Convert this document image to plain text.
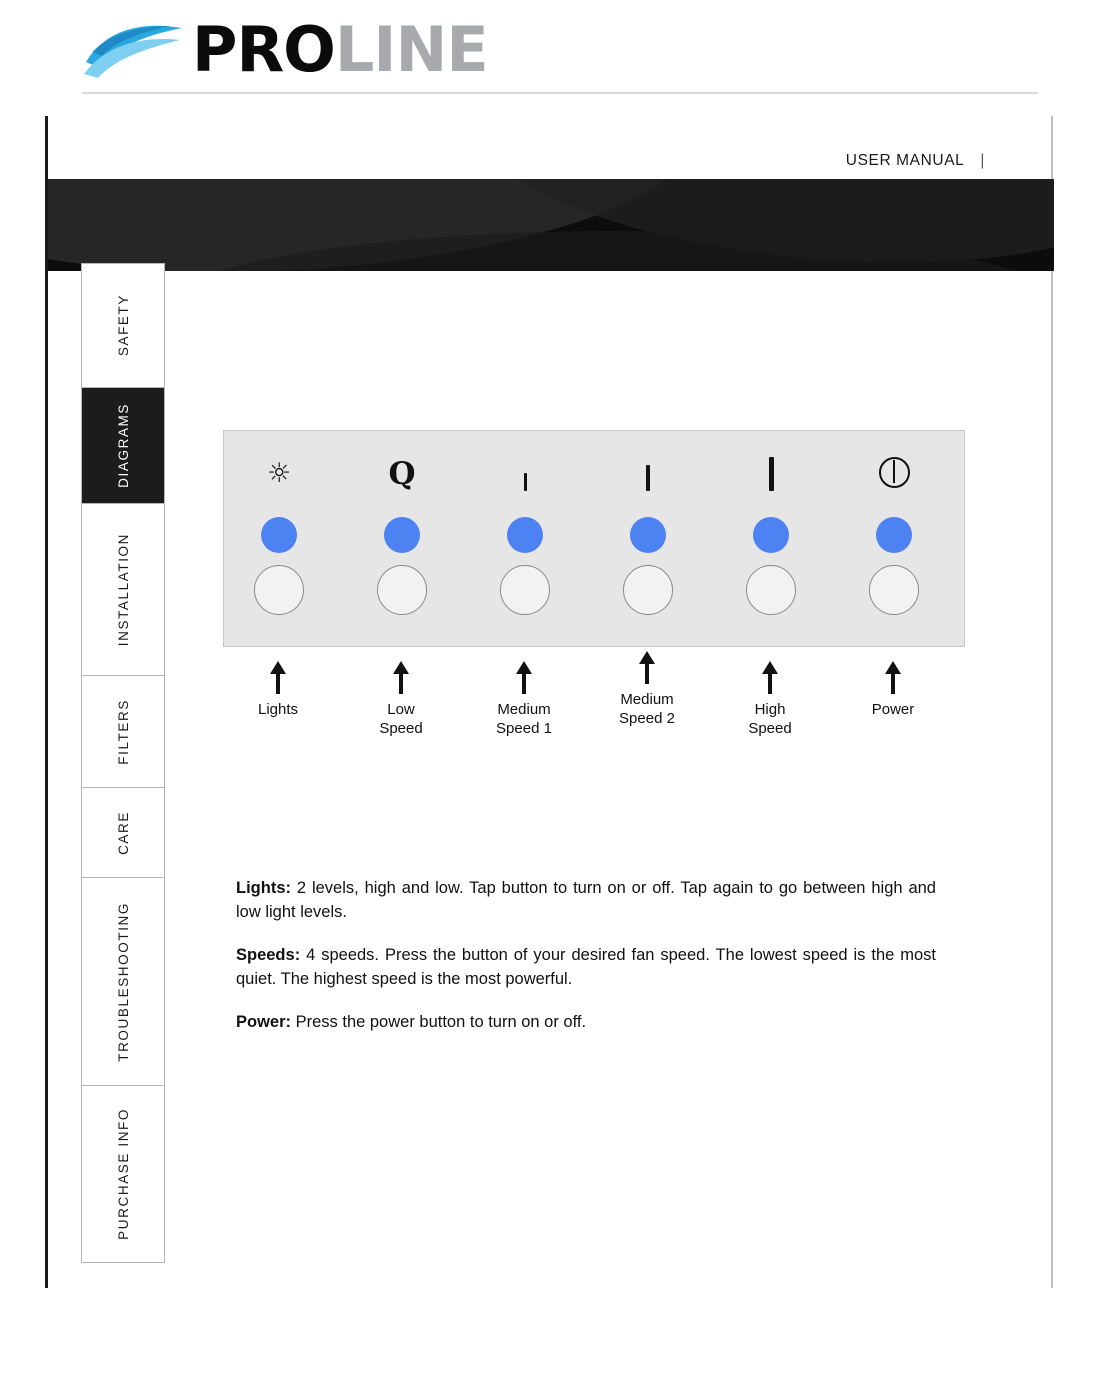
PROLINE
USER MANUAL |
Control Panel
SAFETY
DIAGRAMS
INSTALLATION
FILTERS
CARE
TROUBLESHOOTING
PURCHASE INFO
☼	Q
Lights	Low
Speed
Medium
Speed 1
Medium
Speed 2
High
Speed
Power
Lights: 2 levels, high and low. Tap button to turn on or off. Tap again to go between high and low light levels.
Speeds: 4 speeds. Press the button of your desired fan speed. The lowest speed is the most quiet. The highest speed is the most powerful.
Power: Press the power button to turn on or off.
